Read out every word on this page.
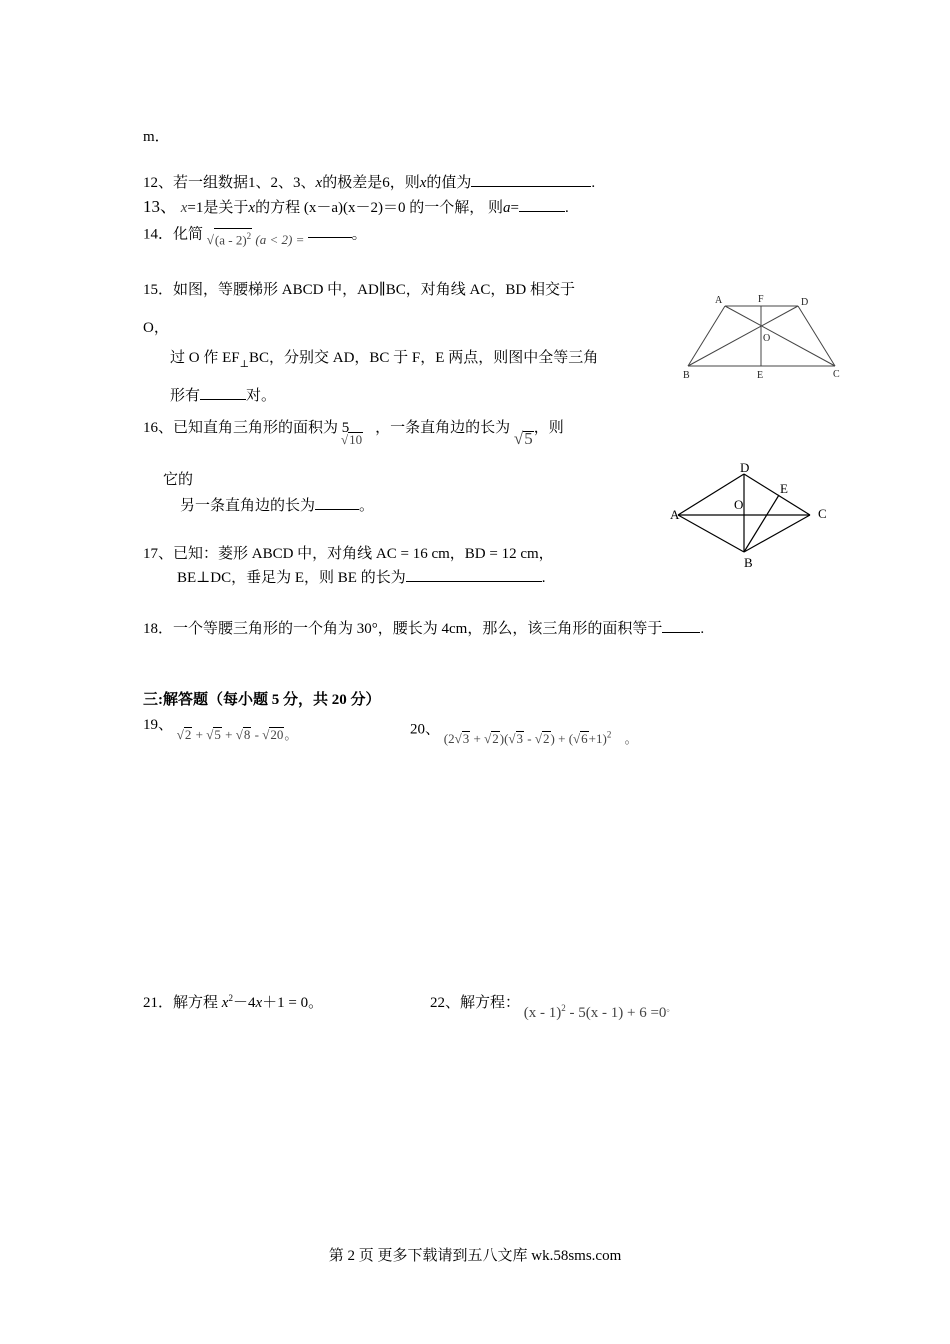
m．
12、若一组数据1、2、3、x的极差是6，则x的值为	.
13、 x=1是关于x的方程 (x－a)(x－2)＝0 的一个解， 则a=	.
14．化简 √ (a - 2)$^2$ (a < 2) =	。
15．如图，等腰梯形 ABCD 中，AD∥BC，对角线 AC，BD 相交于
O，
过 O 作 $EF_\perp BC$，分别交 AD，BC 于 F，E 两点，则图中全等三角
形有	对。
A	F	D
O
B	E	C
16、已知直角三角形的面积为 5 √ 10，一条直角边的长为 √ 5，则
它的
另一条直角边的长为	。
D
E
A
O
C
B
17、已知：菱形 ABCD 中，对角线 AC = 16 cm，BD = 12 cm，
BE⊥DC，垂足为 E，则 BE 的长为	.
18．一个等腰三角形的一个角为 30°，腰长为 4cm，那么，该三角形的面积等于	.
三:解答题（每小题 5 分，共 20 分）
19、 √ 2 + √ 5 + √ 8 - √ 20。	20、 (2 √ 3 + √ 2)( √ 3 - √ 2) + ( √ 6+1)$^2$ 。
21．解方程 $x^2-4x+1 = 0$。	22、解方程： (x - 1)$^2$ - 5(x - 1) + 6 =0。
第 2 页 更多下载请到五八文库 wk.58sms.com
